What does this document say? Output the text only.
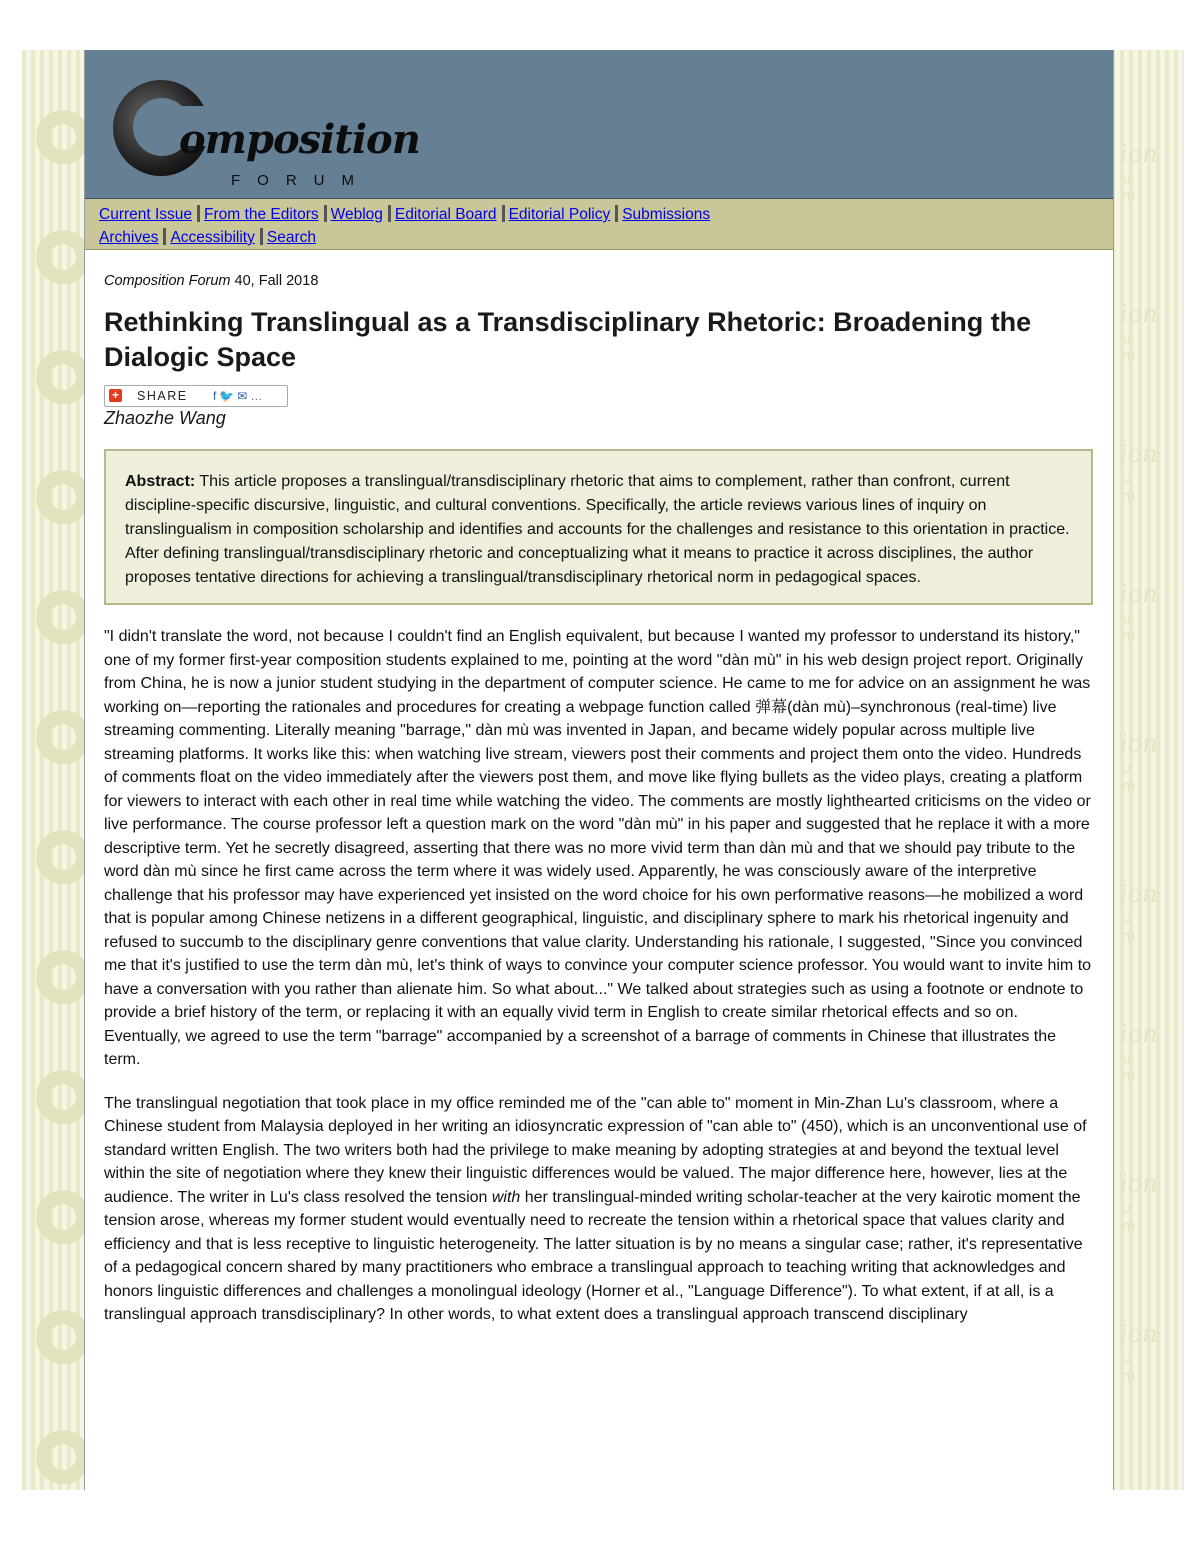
ion
ion
ion
ion
ion
ion
ion
ion
ion
u m
u m
u m
u m
u m
u m
u m
u m
u m
omposition
FORUM
Current Issue From the Editors Weblog Editorial Board Editorial Policy Submissions
Archives Accessibility Search
Composition Forum 40, Fall 2018
Rethinking Translingual as a Transdisciplinary Rhetoric: Broadening the Dialogic Space
+ SHARE f🐦✉…
Zhaozhe Wang
Abstract: This article proposes a translingual/transdisciplinary rhetoric that aims to complement, rather than confront, current discipline-specific discursive, linguistic, and cultural conventions. Specifically, the article reviews various lines of inquiry on translingualism in composition scholarship and identifies and accounts for the challenges and resistance to this orientation in practice. After defining translingual/transdisciplinary rhetoric and conceptualizing what it means to practice it across disciplines, the author proposes tentative directions for achieving a translingual/transdisciplinary rhetorical norm in pedagogical spaces.

"I didn't translate the word, not because I couldn't find an English equivalent, but because I wanted my professor to understand its history," one of my former first-year composition students explained to me, pointing at the word "dàn mù" in his web design project report. Originally from China, he is now a junior student studying in the department of computer science. He came to me for advice on an assignment he was working on—reporting the rationales and procedures for creating a webpage function called 弹幕(dàn mù)–synchronous (real-time) live streaming commenting. Literally meaning "barrage," dàn mù was invented in Japan, and became widely popular across multiple live streaming platforms. It works like this: when watching live stream, viewers post their comments and project them onto the video. Hundreds of comments float on the video immediately after the viewers post them, and move like flying bullets as the video plays, creating a platform for viewers to interact with each other in real time while watching the video. The comments are mostly lighthearted criticisms on the video or live performance. The course professor left a question mark on the word "dàn mù" in his paper and suggested that he replace it with a more descriptive term. Yet he secretly disagreed, asserting that there was no more vivid term than dàn mù and that we should pay tribute to the word dàn mù since he first came across the term where it was widely used. Apparently, he was consciously aware of the interpretive challenge that his professor may have experienced yet insisted on the word choice for his own performative reasons—he mobilized a word that is popular among Chinese netizens in a different geographical, linguistic, and disciplinary sphere to mark his rhetorical ingenuity and refused to succumb to the disciplinary genre conventions that value clarity. Understanding his rationale, I suggested, "Since you convinced me that it's justified to use the term dàn mù, let's think of ways to convince your computer science professor. You would want to invite him to have a conversation with you rather than alienate him. So what about..." We talked about strategies such as using a footnote or endnote to provide a brief history of the term, or replacing it with an equally vivid term in English to create similar rhetorical effects and so on. Eventually, we agreed to use the term "barrage" accompanied by a screenshot of a barrage of comments in Chinese that illustrates the term.

The translingual negotiation that took place in my office reminded me of the "can able to" moment in Min-Zhan Lu's classroom, where a Chinese student from Malaysia deployed in her writing an idiosyncratic expression of "can able to" (450), which is an unconventional use of standard written English. The two writers both had the privilege to make meaning by adopting strategies at and beyond the textual level within the site of negotiation where they knew their linguistic differences would be valued. The major difference here, however, lies at the audience. The writer in Lu's class resolved the tension with her translingual-minded writing scholar-teacher at the very kairotic moment the tension arose, whereas my former student would eventually need to recreate the tension within a rhetorical space that values clarity and efficiency and that is less receptive to linguistic heterogeneity. The latter situation is by no means a singular case; rather, it's representative of a pedagogical concern shared by many practitioners who embrace a translingual approach to teaching writing that acknowledges and honors linguistic differences and challenges a monolingual ideology (Horner et al., "Language Difference"). To what extent, if at all, is a translingual approach transdisciplinary? In other words, to what extent does a translingual approach transcend disciplinary
